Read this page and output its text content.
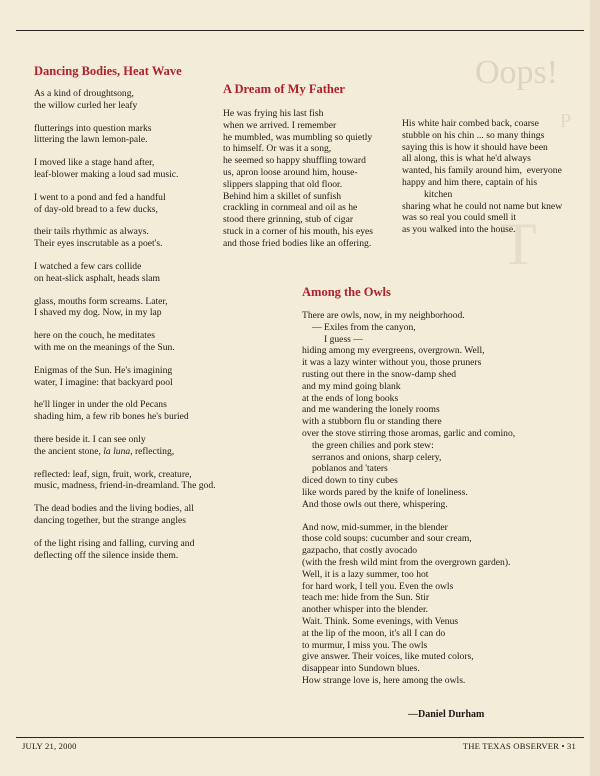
Oops!
P
T
Dancing Bodies, Heat Wave
As a kind of droughtsong,
the willow curled her leafy
flutterings into question marks
littering the lawn lemon-pale.
I moved like a stage hand after,
leaf-blower making a loud sad music.
I went to a pond and fed a handful
of day-old bread to a few ducks,
their tails rhythmic as always.
Their eyes inscrutable as a poet's.
I watched a few cars collide
on heat-slick asphalt, heads slam
glass, mouths form screams. Later,
I shaved my dog. Now, in my lap
here on the couch, he meditates
with me on the meanings of the Sun.
Enigmas of the Sun. He's imagining
water, I imagine: that backyard pool
he'll linger in under the old Pecans
shading him, a few rib bones he's buried
there beside it. I can see only
the ancient stone, la luna, reflecting,
reflected: leaf, sign, fruit, work, creature,
music, madness, friend-in-dreamland. The god.
The dead bodies and the living bodies, all
dancing together, but the strange angles
of the light rising and falling, curving and
deflecting off the silence inside them.
A Dream of My Father
He was frying his last fish
when we arrived. I remember
he mumbled, was mumbling so quietly
to himself. Or was it a song,
he seemed so happy shuffling toward
us, apron loose around him, house-
slippers slapping that old floor.
Behind him a skillet of sunfish
crackling in cornmeal and oil as he
stood there grinning, stub of cigar
stuck in a corner of his mouth, his eyes
and those fried bodies like an offering.
His white hair combed back, coarse
stubble on his chin ... so many things
saying this is how it should have been
all along, this is what he'd always
wanted, his family around him,  everyone
happy and him there, captain of his
kitchen
sharing what he could not name but knew
was so real you could smell it
as you walked into the house.
Among the Owls
There are owls, now, in my neighborhood.
— Exiles from the canyon,
I guess —
hiding among my evergreens, overgrown. Well,
it was a lazy winter without you, those pruners
rusting out there in the snow-damp shed
and my mind going blank
at the ends of long books
and me wandering the lonely rooms
with a stubborn flu or standing there
over the stove stirring those aromas, garlic and comino,
the green chilies and pork stew:
serranos and onions, sharp celery,
poblanos and 'taters
diced down to tiny cubes
like words pared by the knife of loneliness.
And those owls out there, whispering.
And now, mid-summer, in the blender
those cold soups: cucumber and sour cream,
gazpacho, that costly avocado
(with the fresh wild mint from the overgrown garden).
Well, it is a lazy summer, too hot
for hard work, I tell you. Even the owls
teach me: hide from the Sun. Stir
another whisper into the blender.
Wait. Think. Some evenings, with Venus
at the lip of the moon, it's all I can do
to murmur, I miss you. The owls
give answer. Their voices, like muted colors,
disappear into Sundown blues.
How strange love is, here among the owls.
—Daniel Durham
JULY 21, 2000	THE TEXAS OBSERVER • 31
